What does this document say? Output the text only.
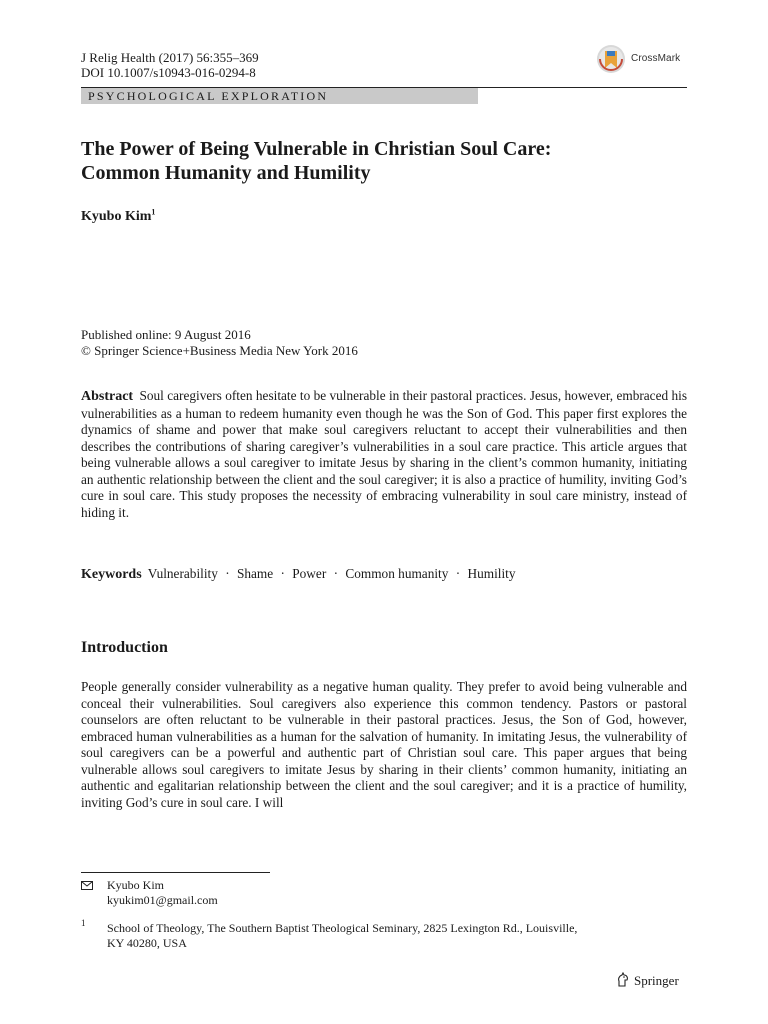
J Relig Health (2017) 56:355–369
DOI 10.1007/s10943-016-0294-8
CrossMark
PSYCHOLOGICAL EXPLORATION
The Power of Being Vulnerable in Christian Soul Care:
Common Humanity and Humility
Kyubo Kim$^1$
Published online: 9 August 2016
© Springer Science+Business Media New York 2016
Abstract Soul caregivers often hesitate to be vulnerable in their pastoral practices. Jesus, however, embraced his vulnerabilities as a human to redeem humanity even though he was the Son of God. This paper first explores the dynamics of shame and power that make soul caregivers reluctant to accept their vulnerabilities and then describes the contributions of sharing caregiver’s vulnerabilities in a soul care practice. This article argues that being vulnerable allows a soul caregiver to imitate Jesus by sharing in the client’s common humanity, initiating an authentic relationship between the client and the soul caregiver; it is also a practice of humility, inviting God’s cure in soul care. This study proposes the necessity of embracing vulnerability in soul care ministry, instead of hiding it.
Keywords Vulnerability · Shame · Power · Common humanity · Humility
Introduction
People generally consider vulnerability as a negative human quality. They prefer to avoid being vulnerable and conceal their vulnerabilities. Soul caregivers also experience this common tendency. Pastors or pastoral counselors are often reluctant to be vulnerable in their pastoral practices. Jesus, the Son of God, however, embraced human vulnerabilities as a human for the salvation of humanity. In imitating Jesus, the vulnerability of soul caregivers can be a powerful and authentic part of Christian soul care. This paper argues that being vulnerable allows soul caregivers to imitate Jesus by sharing in their clients’ common humanity, initiating an authentic and egalitarian relationship between the client and the soul caregiver; and it is a practice of humility, inviting God’s cure in soul care. I will
Kyubo Kim
kyukim01@gmail.com
1 School of Theology, The Southern Baptist Theological Seminary, 2825 Lexington Rd., Louisville,
KY 40280, USA
Springer
